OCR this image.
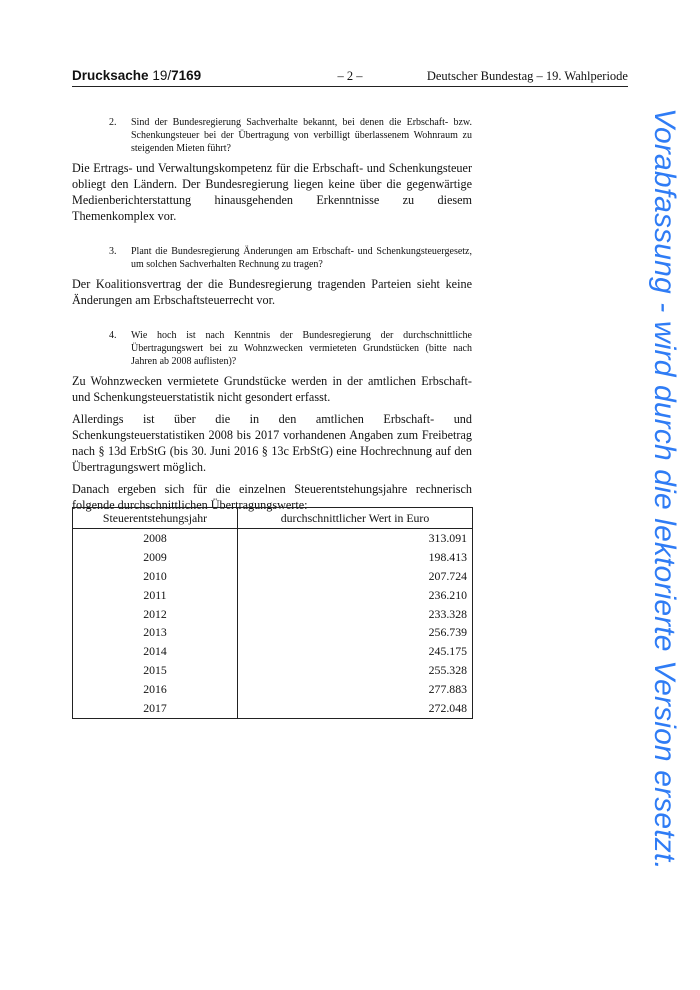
Drucksache 19/7169	– 2 –	Deutscher Bundestag – 19. Wahlperiode

2. Sind der Bundesregierung Sachverhalte bekannt, bei denen die Erbschaft- bzw. Schenkungsteuer bei der Übertragung von verbilligt überlassenem Wohnraum zu steigenden Mieten führt?

Die Ertrags- und Verwaltungskompetenz für die Erbschaft- und Schenkungsteuer obliegt den Ländern. Der Bundesregierung liegen keine über die gegenwärtige Medienberichterstattung hinausgehenden Erkenntnisse zu diesem Themenkomplex vor.

3. Plant die Bundesregierung Änderungen am Erbschaft- und Schenkungsteuergesetz, um solchen Sachverhalten Rechnung zu tragen?

Der Koalitionsvertrag der die Bundesregierung tragenden Parteien sieht keine Änderungen am Erbschaftsteuerrecht vor.

4. Wie hoch ist nach Kenntnis der Bundesregierung der durchschnittliche Übertragungswert bei zu Wohnzwecken vermieteten Grundstücken (bitte nach Jahren ab 2008 auflisten)?

Zu Wohnzwecken vermietete Grundstücke werden in der amtlichen Erbschaft- und Schenkungsteuerstatistik nicht gesondert erfasst.

Allerdings ist über die in den amtlichen Erbschaft- und Schenkungsteuerstatistiken 2008 bis 2017 vorhandenen Angaben zum Freibetrag nach § 13d ErbStG (bis 30. Juni 2016 § 13c ErbStG) eine Hochrechnung auf den Übertragungswert möglich.

Danach ergeben sich für die einzelnen Steuerentstehungsjahre rechnerisch folgende durchschnittlichen Übertragungswerte:

Steuerentstehungsjahr	durchschnittlicher Wert in Euro
2008	313.091
2009	198.413
2010	207.724
2011	236.210
2012	233.328
2013	256.739
2014	245.175
2015	255.328
2016	277.883
2017	272.048	Vorabfassung - wird durch die lektorierte Version ersetzt.
